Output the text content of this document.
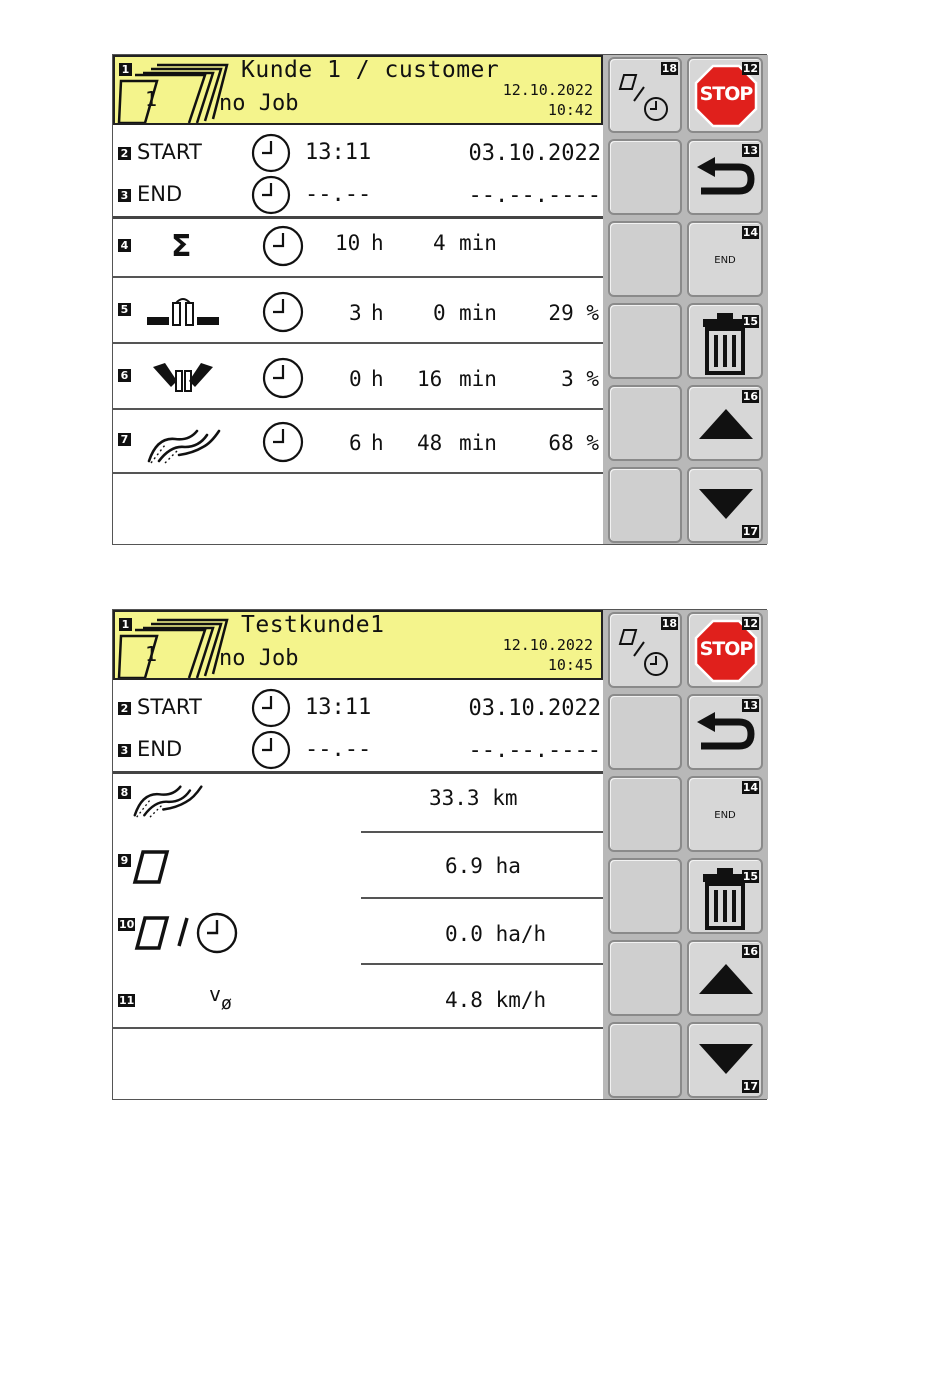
1
1
Kunde 1 / customer
no Job
12.10.2022
10:42
2 START	13:11	03.10.2022
3 END	--.--	--.--.----
4 Σ	10 h 4 min
5	3 h 0 min 29 %
6	0 h 16 min	3 %
7	6 h 48 min 68 %
18
STOP
12
13
END
14
15
16
17
1
1
Testkunde1
no Job
12.10.2022
10:45
2 START	13:11	03.10.2022
3 END	--.--	--.--.----
8	33.3 km
9	6.9 ha
10	0.0 ha/h
11	vø	4.8 km/h
18
STOP
12
13
END
14
15
16
17
